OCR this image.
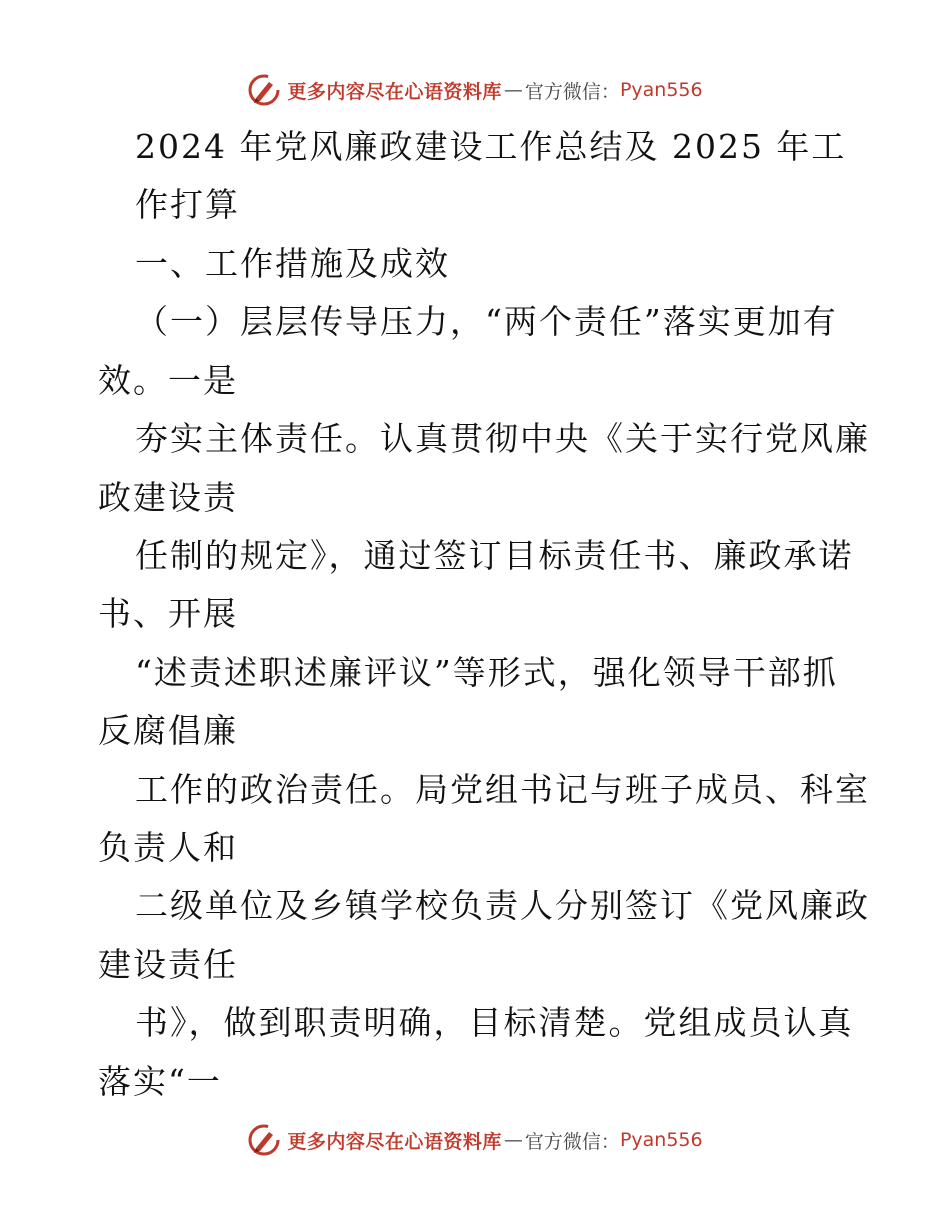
更多内容尽在心语资料库 — 官方微信： Pyan556

2024 年党风廉政建设工作总结及 2025 年工

作打算

一、工作措施及成效

（一）层层传导压力，“两个责任”落实更加有

效。一是

夯实主体责任。认真贯彻中央《关于实行党风廉

政建设责

任制的规定》，通过签订目标责任书、廉政承诺

书、开展

“述责述职述廉评议”等形式，强化领导干部抓

反腐倡廉

工作的政治责任。局党组书记与班子成员、科室

负责人和

二级单位及乡镇学校负责人分别签订《党风廉政

建设责任

书》，做到职责明确，目标清楚。党组成员认真

落实“一

更多内容尽在心语资料库 — 官方微信： Pyan556
